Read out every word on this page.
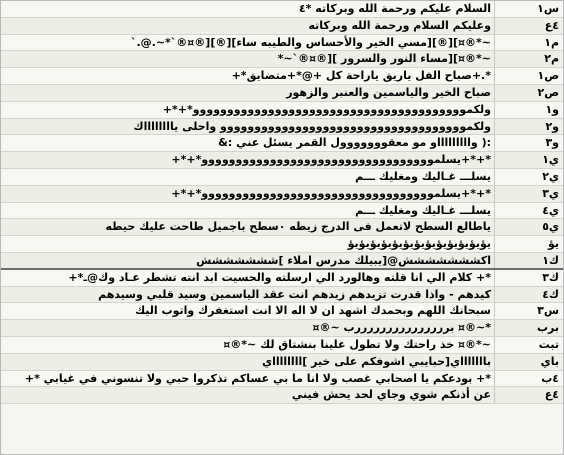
س١
السلام عليكم ورحمة الله وبركاته *٤
٤ع
وعليكم السلام ورحمة الله وبركاته
م١
~*®¤][®][مسي الخير والأحساس والطيبه ساء][®][®¤®`*~.@.`
م٢
~*®¤][مساء النور والسرور ][®¤®`~*
ص١
*.+صباح الفل ياريق ياراحة كل +@*+متضايق*+
ص٢
صباح الخير والياسمين والعنبر والزهور
و١
ولكموووووووووووووووووووووووووووووووووووووووو*+*+
و٢
ولكموووووووووووووووووووووووووووووووووووو واحلى يااااااااك
و٣
:( واااااااااو مو معقووووووول القمر يسئل عني :&
ي١
*+*+يسلموووووووووووووووووووووووووووووووووو*+*+
ي٢
يسلـــ غـاليك ومغليك ـــم
ي٣
*+*+يسلموووووووووووووووووووووووووووووووووو*+*+
ي٤
يسلـــ غـاليك ومغليك ـــم
ي٥
ياطالع السطح لاتعمل فى الدرج زيطه ٠سطح باجميل طاحت عليك حيطه
يؤ
يؤيؤيؤيؤيؤيؤيؤيؤيؤيؤيؤيؤيؤ
ك١
اكششششششش@[يبيلك مدرس املاء ]ششششششش
ك٣
*+ كلام الي انا قلته وهالورد الي ارسلته والحسيت ابد انته تشطر عـاد وك@ـ*+
ك٤
كيدهم - واذا قدرت تزيدهم زيدهم انت عقد الياسمين وسيد قلبي وسيدهم
س٣
سبحانك اللهم وبحمدك اشهد ان لا اله الا انت استغفرك واتوب اليك
برب
*~®¤ برررررررررررررررب ~®¤
تبت
~*®¤ خذ راحتك ولا تطول علينا بنشتاق لك ~*®¤
باي
باااااااي[حبايبي اشوفكم على خير ]ااااااااي
٤ب
*+ بودعكم يا اصحابي غصب ولا انا ما بي عساكم تذكروا حبي ولا تنسوني في غيابي *+
٤ع
عن أذنكم شوي وجاي لحد يحش فيني
